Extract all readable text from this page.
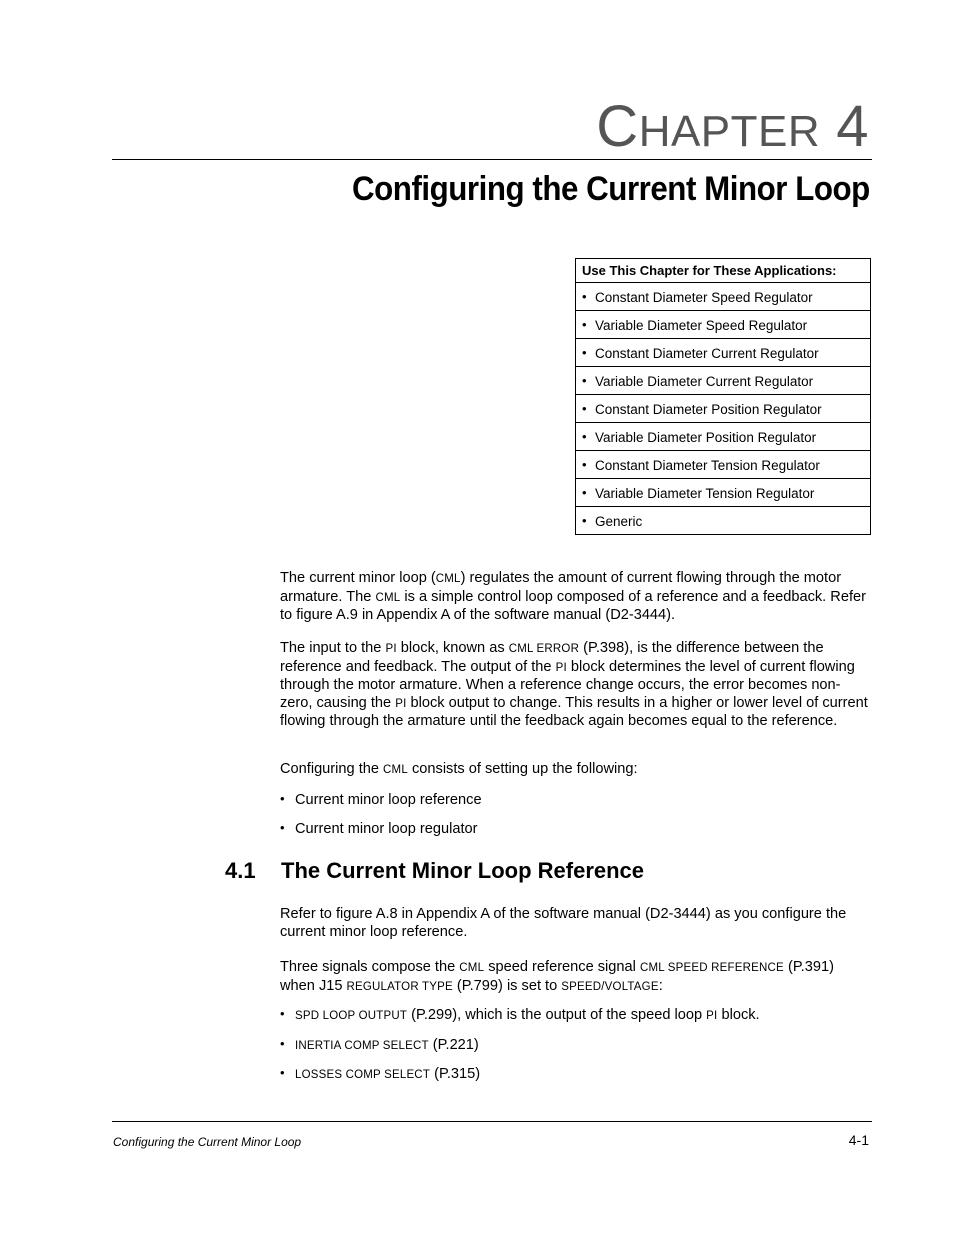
CHAPTER 4
Configuring the Current Minor Loop
Use This Chapter for These Applications:
• Constant Diameter Speed Regulator
• Variable Diameter Speed Regulator
• Constant Diameter Current Regulator
• Variable Diameter Current Regulator
• Constant Diameter Position Regulator
• Variable Diameter Position Regulator
• Constant Diameter Tension Regulator
• Variable Diameter Tension Regulator
• Generic
The current minor loop (CML) regulates the amount of current flowing through the motor armature. The CML is a simple control loop composed of a reference and a feedback. Refer to figure A.9 in Appendix A of the software manual (D2-3444).
The input to the PI block, known as CML ERROR (P.398), is the difference between the reference and feedback. The output of the PI block determines the level of current flowing through the motor armature. When a reference change occurs, the error becomes non-zero, causing the PI block output to change. This results in a higher or lower level of current flowing through the armature until the feedback again becomes equal to the reference.
Configuring the CML consists of setting up the following:
• Current minor loop reference
• Current minor loop regulator
4.1 The Current Minor Loop Reference
Refer to figure A.8 in Appendix A of the software manual (D2-3444) as you configure the current minor loop reference.
Three signals compose the CML speed reference signal CML SPEED REFERENCE (P.391) when J15 REGULATOR TYPE (P.799) is set to SPEED/VOLTAGE:
• SPD LOOP OUTPUT (P.299), which is the output of the speed loop PI block.
• INERTIA COMP SELECT (P.221)
• LOSSES COMP SELECT (P.315)
Configuring the Current Minor Loop	4-1
